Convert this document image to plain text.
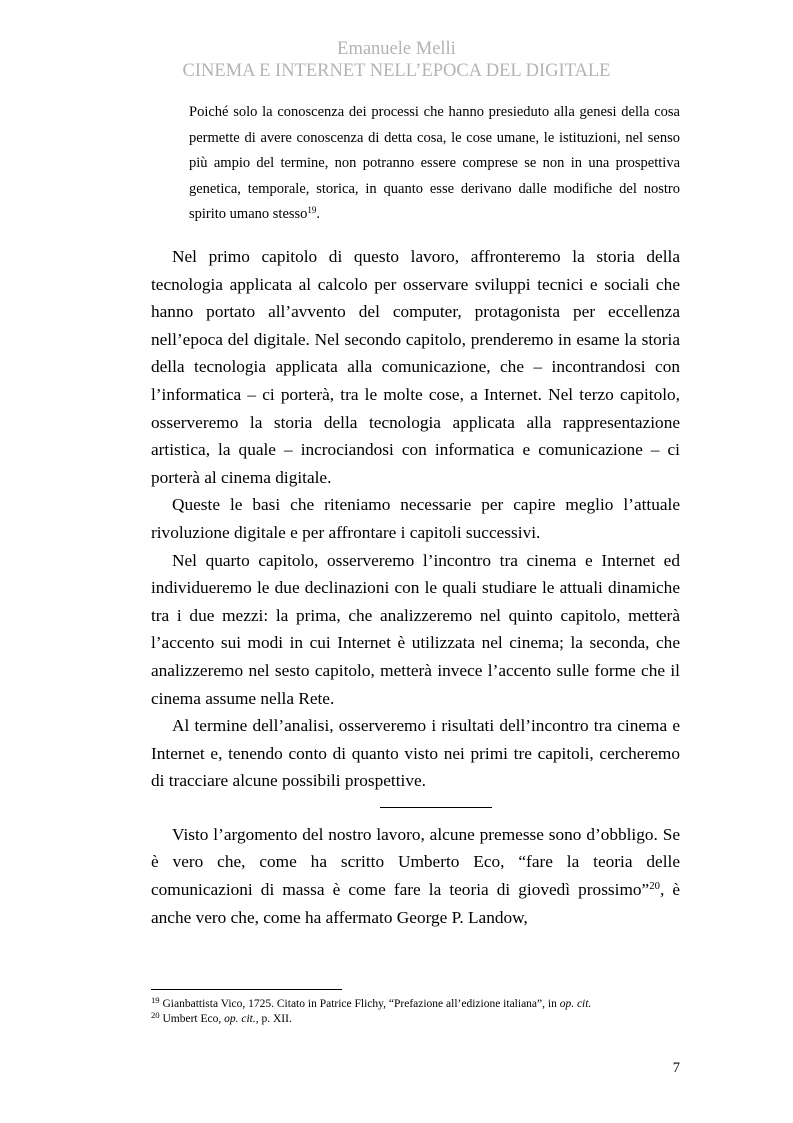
Emanuele Melli
CINEMA E INTERNET NELL’EPOCA DEL DIGITALE
Poiché solo la conoscenza dei processi che hanno presieduto alla genesi della cosa permette di avere conoscenza di detta cosa, le cose umane, le istituzioni, nel senso più ampio del termine, non potranno essere comprese se non in una prospettiva genetica, temporale, storica, in quanto esse derivano dalle modifiche del nostro spirito umano stesso$^{19}$.

Nel primo capitolo di questo lavoro, affronteremo la storia della tecnologia applicata al calcolo per osservare sviluppi tecnici e sociali che hanno portato all’avvento del computer, protagonista per eccellenza nell’epoca del digitale. Nel secondo capitolo, prenderemo in esame la storia della tecnologia applicata alla comunicazione, che – incontrandosi con l’informatica – ci porterà, tra le molte cose, a Internet. Nel terzo capitolo, osserveremo la storia della tecnologia applicata alla rappresentazione artistica, la quale – incrociandosi con informatica e comunicazione – ci porterà al cinema digitale.

Queste le basi che riteniamo necessarie per capire meglio l’attuale rivoluzione digitale e per affrontare i capitoli successivi.

Nel quarto capitolo, osserveremo l’incontro tra cinema e Internet ed individueremo le due declinazioni con le quali studiare le attuali dinamiche tra i due mezzi: la prima, che analizzeremo nel quinto capitolo, metterà l’accento sui modi in cui Internet è utilizzata nel cinema; la seconda, che analizzeremo nel sesto capitolo, metterà invece l’accento sulle forme che il cinema assume nella Rete.

Al termine dell’analisi, osserveremo i risultati dell’incontro tra cinema e Internet e, tenendo conto di quanto visto nei primi tre capitoli, cercheremo di tracciare alcune possibili prospettive.

Visto l’argomento del nostro lavoro, alcune premesse sono d’obbligo. Se è vero che, come ha scritto Umberto Eco, “fare la teoria delle comunicazioni di massa è come fare la teoria di giovedì prossimo”$^{20}$, è anche vero che, come ha affermato George P. Landow,

$^{19}$ Gianbattista Vico, 1725. Citato in Patrice Flichy, “Prefazione all’edizione italiana”, in op. cit.
$^{20}$ Umbert Eco, op. cit., p. XII.
7
